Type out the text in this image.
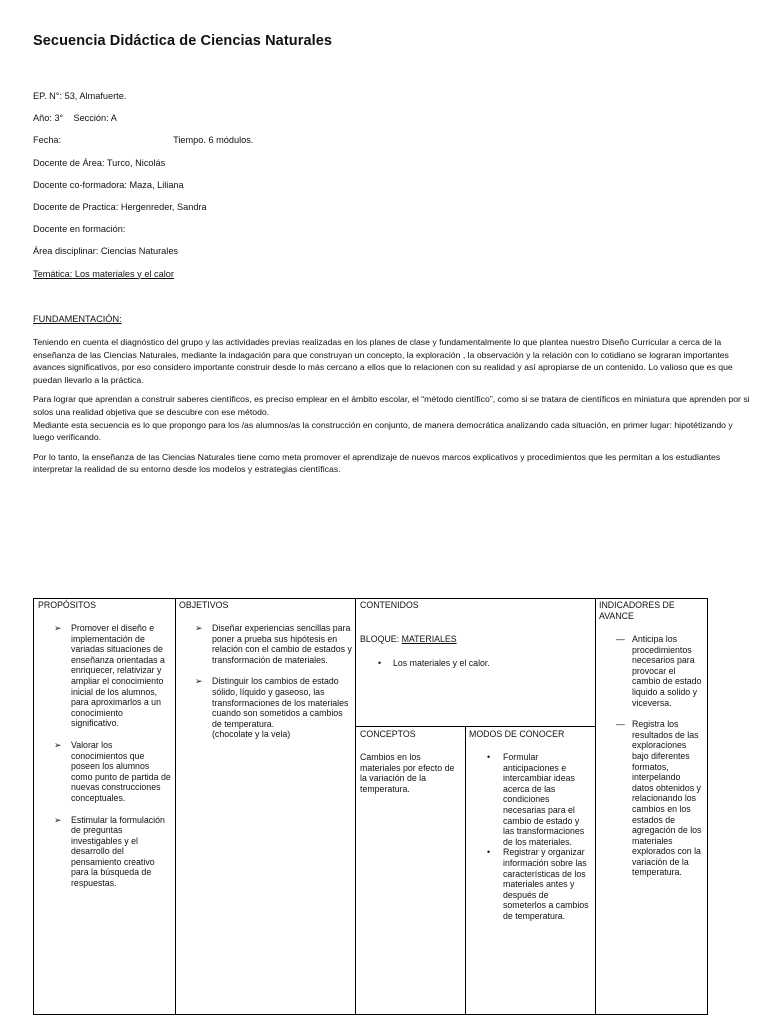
Secuencia Didáctica de Ciencias Naturales
EP. N°: 53, Almafuerte.
Año: 3°    Sección: A
Fecha:	Tiempo. 6 módulos.
Docente de Área: Turco, Nicolás
Docente co-formadora: Maza, Liliana
Docente de Practica: Hergenreder, Sandra
Docente en formación:
Área disciplinar: Ciencias Naturales
Temática: Los materiales y el calor
FUNDAMENTACIÓN:

Teniendo en cuenta el diagnóstico del grupo y las actividades previas realizadas en los planes de clase y fundamentalmente lo que plantea nuestro Diseño Curricular a cerca de la enseñanza de las Ciencias Naturales, mediante la indagación para que construyan un concepto, la exploración , la observación y la relación con lo cotidiano se lograran importantes avances significativos, por eso considero importante construir desde lo más cercano a ellos que lo relacionen con su realidad y así apropiarse de un contenido. Lo valioso que es que puedan llevarlo a la práctica.

Para lograr que aprendan a construir saberes científicos, es preciso emplear en el ámbito escolar, el “método científico”, como si se tratara de científicos en miniatura que aprenden por si solos una realidad objetiva que se descubre con ese método.

Mediante esta secuencia es lo que propongo para los /as alumnos/as la construcción en conjunto, de manera democrática analizando cada situación, en primer lugar: hipotétizando y luego verificando.

Por lo tanto, la enseñanza de las Ciencias Naturales tiene como meta promover el aprendizaje de nuevos marcos explicativos y procedimientos que les permitan a los estudiantes interpretar la realidad de su entorno desde los modelos y estrategias científicas.

PROPÓSITOS
➢ Promover el diseño e implementación de variadas situaciones de enseñanza orientadas a enriquecer, relativizar y ampliar el conocimiento inicial de los alumnos, para aproximarlos a un conocimiento significativo.
➢ Valorar los conocimientos que poseen los alumnos como punto de partida de nuevas construcciones conceptuales.
➢ Estimular la formulación de preguntas investigables y el desarrollo del pensamiento creativo para la búsqueda de respuestas.
OBJETIVOS
➢ Diseñar experiencias sencillas para poner a prueba sus hipótesis en relación con el cambio de estados y transformación de materiales.
➢ Distinguir los cambios de estado sólido, líquido y gaseoso, las transformaciones de los materiales cuando son sometidos a cambios de temperatura.
(chocolate y la vela)
CONTENIDOS
BLOQUE: MATERIALES
• Los materiales y el calor.
CONCEPTOS
Cambios en los materiales por efecto de la variación de la temperatura.
MODOS DE CONOCER
• Formular anticipaciones e intercambiar ideas acerca de las condiciones necesarias para el cambio de estado y las transformaciones de los materiales.
• Registrar y organizar información sobre las características de los materiales antes y después de someterlos a cambios de temperatura.
INDICADORES DE AVANCE
— Anticipa los procedimientos necesarios para provocar el cambio de estado liquido a solido y viceversa.
— Registra los resultados de las exploraciones bajo diferentes formatos, interpelando datos obtenidos y relacionando los cambios en los estados de agregación de los materiales explorados con la variación de la temperatura.
